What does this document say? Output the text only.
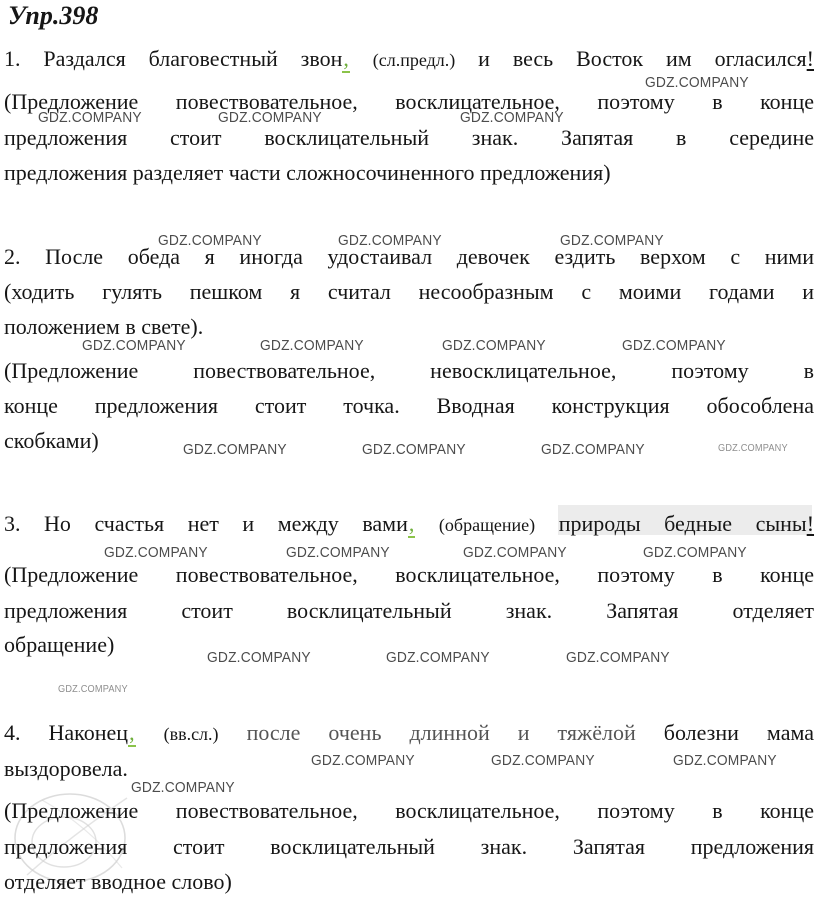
Упр.398
1. Раздался благовестный звон, (сл.предл.) и весь Восток им огласился!
(Предложение повествовательное, восклицательное, поэтому в конце
предложения стоит восклицательный знак. Запятая в середине
предложения разделяет части сложносочиненного предложения)
2. После обеда я иногда удостаивал девочек ездить верхом с ними
(ходить гулять пешком я считал несообразным с моими годами и
положением в свете).
(Предложение повествовательное, невосклицательное, поэтому в
конце предложения стоит точка. Вводная конструкция обособлена
скобками)
3. Но счастья нет и между вами, (обращение) природы бедные сыны!
(Предложение повествовательное, восклицательное, поэтому в конце
предложения стоит восклицательный знак. Запятая отделяет
обращение)
4. Наконец, (вв.сл.) после очень длинной и тяжёлой болезни мама
выздоровела.
(Предложение повествовательное, восклицательное, поэтому в конце
предложения стоит восклицательный знак. Запятая предложения
отделяет вводное слово)
GDZ.COMPANY
GDZ.COMPANY	GDZ.COMPANY	GDZ.COMPANY
GDZ.COMPANY	GDZ.COMPANY	GDZ.COMPANY
GDZ.COMPANY	GDZ.COMPANY	GDZ.COMPANY	GDZ.COMPANY
GDZ.COMPANY	GDZ.COMPANY	GDZ.COMPANY	GDZ.COMPANY
GDZ.COMPANY	GDZ.COMPANY	GDZ.COMPANY	GDZ.COMPANY
GDZ.COMPANY	GDZ.COMPANY	GDZ.COMPANY
GDZ.COMPANY
GDZ.COMPANY	GDZ.COMPANY	GDZ.COMPANY
GDZ.COMPANY
